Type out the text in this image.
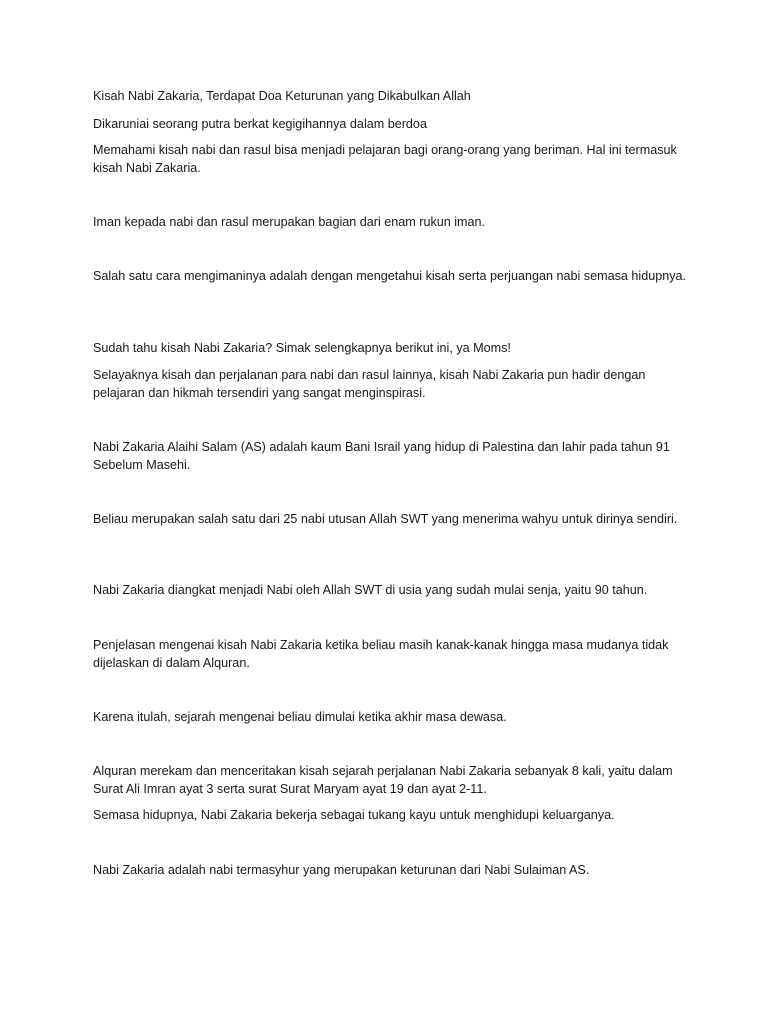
Kisah Nabi Zakaria, Terdapat Doa Keturunan yang Dikabulkan Allah

Dikaruniai seorang putra berkat kegigihannya dalam berdoa

Memahami kisah nabi dan rasul bisa menjadi pelajaran bagi orang-orang yang beriman. Hal ini termasuk kisah Nabi Zakaria.

Iman kepada nabi dan rasul merupakan bagian dari enam rukun iman.

Salah satu cara mengimaninya adalah dengan mengetahui kisah serta perjuangan nabi semasa hidupnya.

Sudah tahu kisah Nabi Zakaria? Simak selengkapnya berikut ini, ya Moms!

Selayaknya kisah dan perjalanan para nabi dan rasul lainnya, kisah Nabi Zakaria pun hadir dengan pelajaran dan hikmah tersendiri yang sangat menginspirasi.

Nabi Zakaria Alaihi Salam (AS) adalah kaum Bani Israil yang hidup di Palestina dan lahir pada tahun 91 Sebelum Masehi.

Beliau merupakan salah satu dari 25 nabi utusan Allah SWT yang menerima wahyu untuk dirinya sendiri.

Nabi Zakaria diangkat menjadi Nabi oleh Allah SWT di usia yang sudah mulai senja, yaitu 90 tahun.

Penjelasan mengenai kisah Nabi Zakaria ketika beliau masih kanak-kanak hingga masa mudanya tidak dijelaskan di dalam Alquran.

Karena itulah, sejarah mengenai beliau dimulai ketika akhir masa dewasa.

Alquran merekam dan menceritakan kisah sejarah perjalanan Nabi Zakaria sebanyak 8 kali, yaitu dalam Surat Ali Imran ayat 3 serta surat Surat Maryam ayat 19 dan ayat 2-11.

Semasa hidupnya, Nabi Zakaria bekerja sebagai tukang kayu untuk menghidupi keluarganya.

Nabi Zakaria adalah nabi termasyhur yang merupakan keturunan dari Nabi Sulaiman AS.
